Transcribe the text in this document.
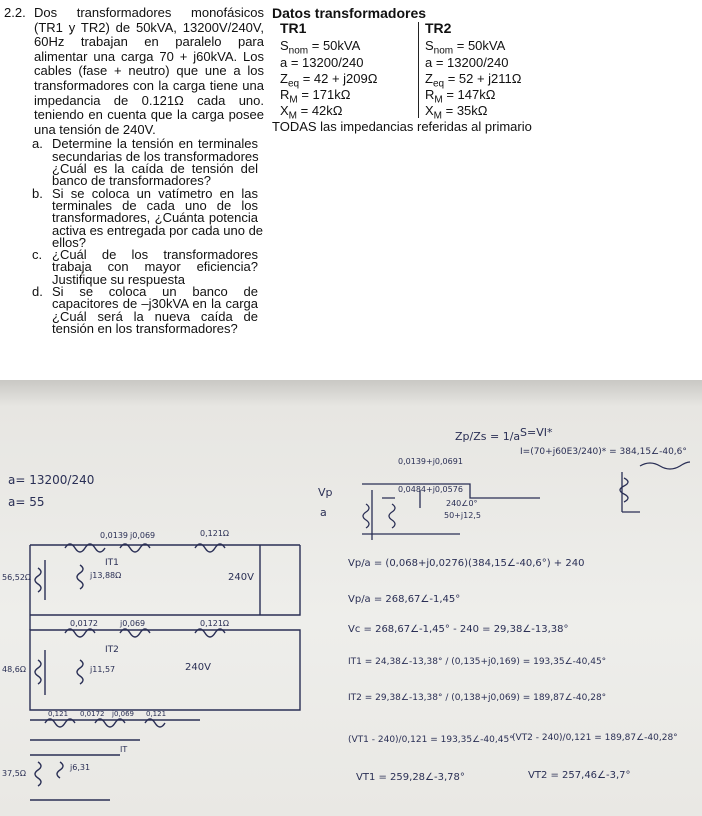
2.2. Dos transformadores monofásicos
(TR1 y TR2) de 50kVA, 13200V/240V,
60Hz trabajan en paralelo para
alimentar una carga 70 + j60kVA. Los
cables (fase + neutro) que une a los
transformadores con la carga tiene una
impedancia de 0.121Ω cada uno.
teniendo en cuenta que la carga posee
una tensión de 240V.
a. Determine la tensión en terminales
secundarias de los transformadores
¿Cuál es la caída de tensión del
banco de transformadores?
b. Si se coloca un vatímetro en las
terminales de cada uno de los
transformadores, ¿Cuánta potencia
activa es entregada por cada uno de
ellos?
c. ¿Cuál de los transformadores
trabaja con mayor eficiencia?
Justifique su respuesta
d. Si se coloca un banco de
capacitores de –j30kVA en la carga
¿Cuál será la nueva caída de
tensión en los transformadores?
Datos transformadores
TR1
$S_{nom} = 50kVA$
a = 13200/240
$Z_{eq} = 42 + j209\Omega$
$R_M = 171k\Omega$
$X_M = 42k\Omega$
TR2
$S_{nom} = 50kVA$
a = 13200/240
$Z_{eq} = 52 + j211\Omega$
$R_M = 147k\Omega$
$X_M = 35k\Omega$
TODAS las impedancias referidas al primario
a= 13200/240
a= 55
Zp/Zs = 1/a S=VI*
I=(70+j60E3/240)* = 384,15∠-40,6°
0,0139+j0,0691
Vp
a
0,0484+j0,0576
240∠0°
50+j12,5
0,0139 j0,069	0,121Ω
240V
56,52Ω	j13,88Ω
IT1
0,0172	j0,069	0,121Ω
240V
48,6Ω	j11,57
IT2
0,121 0,0172 j0,069 0,121
37,5Ω
j6,31
IT
Vp/a = (0,068+j0,0276)(384,15∠-40,6°) + 240
Vp/a = 268,67∠-1,45°
Vc = 268,67∠-1,45° - 240 = 29,38∠-13,38°
IT1 = 24,38∠-13,38° / (0,135+j0,169) = 193,35∠-40,45°
IT2 = 29,38∠-13,38° / (0,138+j0,069) = 189,87∠-40,28°
(VT1 - 240)/0,121 = 193,35∠-40,45°
(VT2 - 240)/0,121 = 189,87∠-40,28°
VT1 = 259,28∠-3,78°	VT2 = 257,46∠-3,7°
